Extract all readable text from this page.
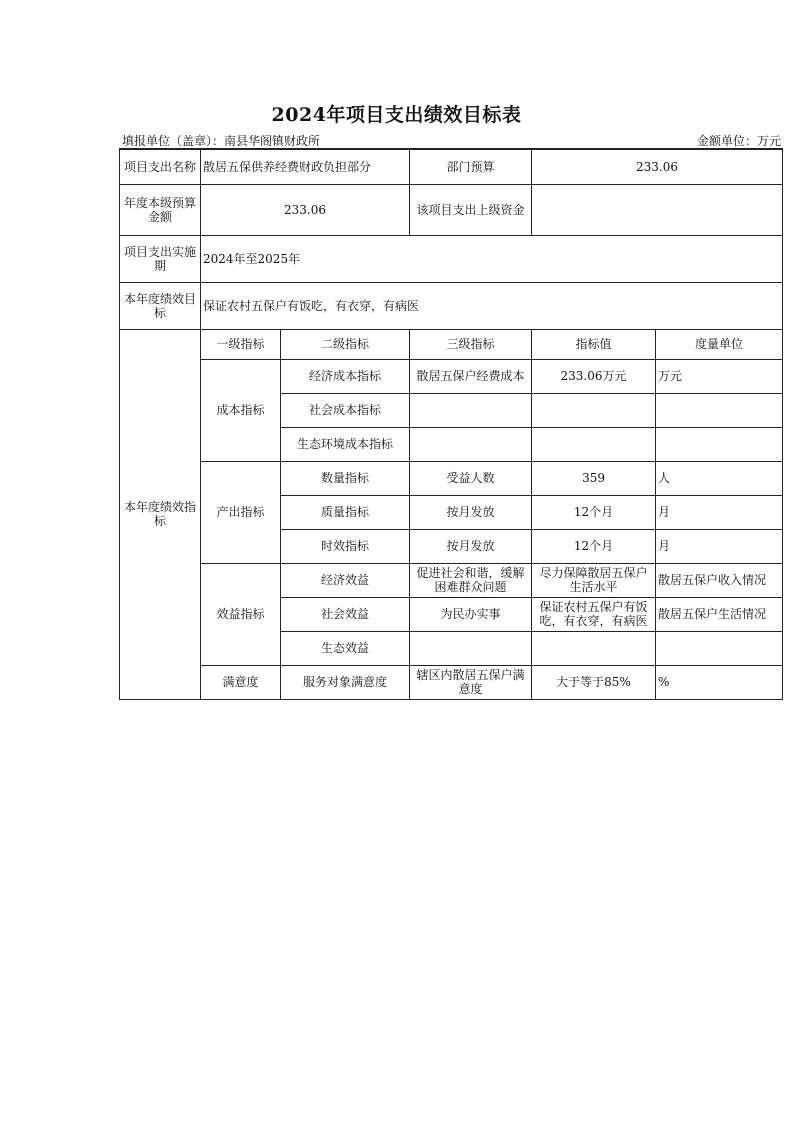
2024年项目支出绩效目标表
填报单位（盖章）：南县华阁镇财政所	金额单位：万元
项目支出名称	散居五保供养经费财政负担部分		部门预算	233.06	
年度本级预算金额	233.06		该项目支出上级资金		
项目支出实施期	2024年至2025年				
本年度绩效目标	保证农村五保户有饭吃，有衣穿，有病医				
本年度绩效指标	一级指标	二级指标	三级指标	指标值	度量单位
	成本指标	经济成本指标	散居五保户经费成本	233.06万元	万元
		社会成本指标			
		生态环境成本指标			
	产出指标	数量指标	受益人数	359	人
		质量指标	按月发放	12个月	月
		时效指标	按月发放	12个月	月
	效益指标	经济效益	促进社会和谐，缓解困难群众问题	尽力保障散居五保户生活水平	散居五保户收入情况
		社会效益	为民办实事	保证农村五保户有饭吃，有衣穿，有病医	散居五保户生活情况
		生态效益			
	满意度	服务对象满意度	辖区内散居五保户满意度	大于等于85%	%
